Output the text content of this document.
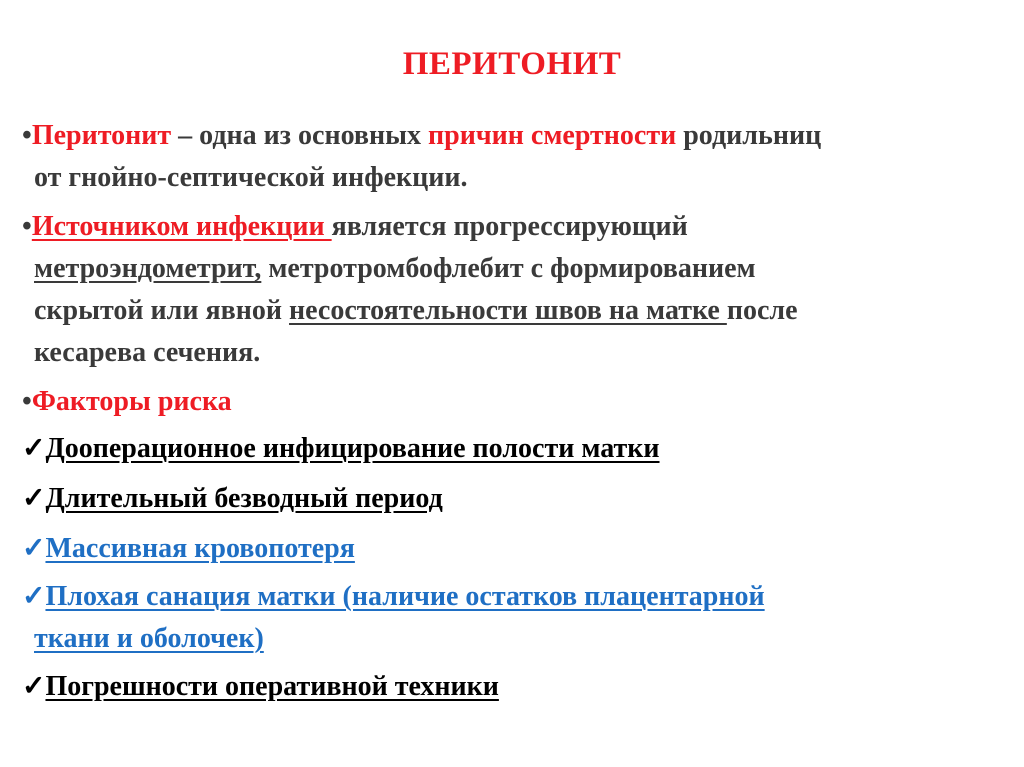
ПЕРИТОНИТ
•Перитонит – одна из основных причин смертности родильниц
от гнойно-септической инфекции.
•Источником инфекции является прогрессирующий
метроэндометрит, метротромбофлебит с формированием
скрытой или явной несостоятельности швов на матке после
кесарева сечения.
•Факторы риска
✓Дооперационное инфицирование полости матки
✓Длительный безводный период
✓Массивная кровопотеря
✓Плохая санация матки (наличие остатков плацентарной
ткани и оболочек)
✓Погрешности оперативной техники
